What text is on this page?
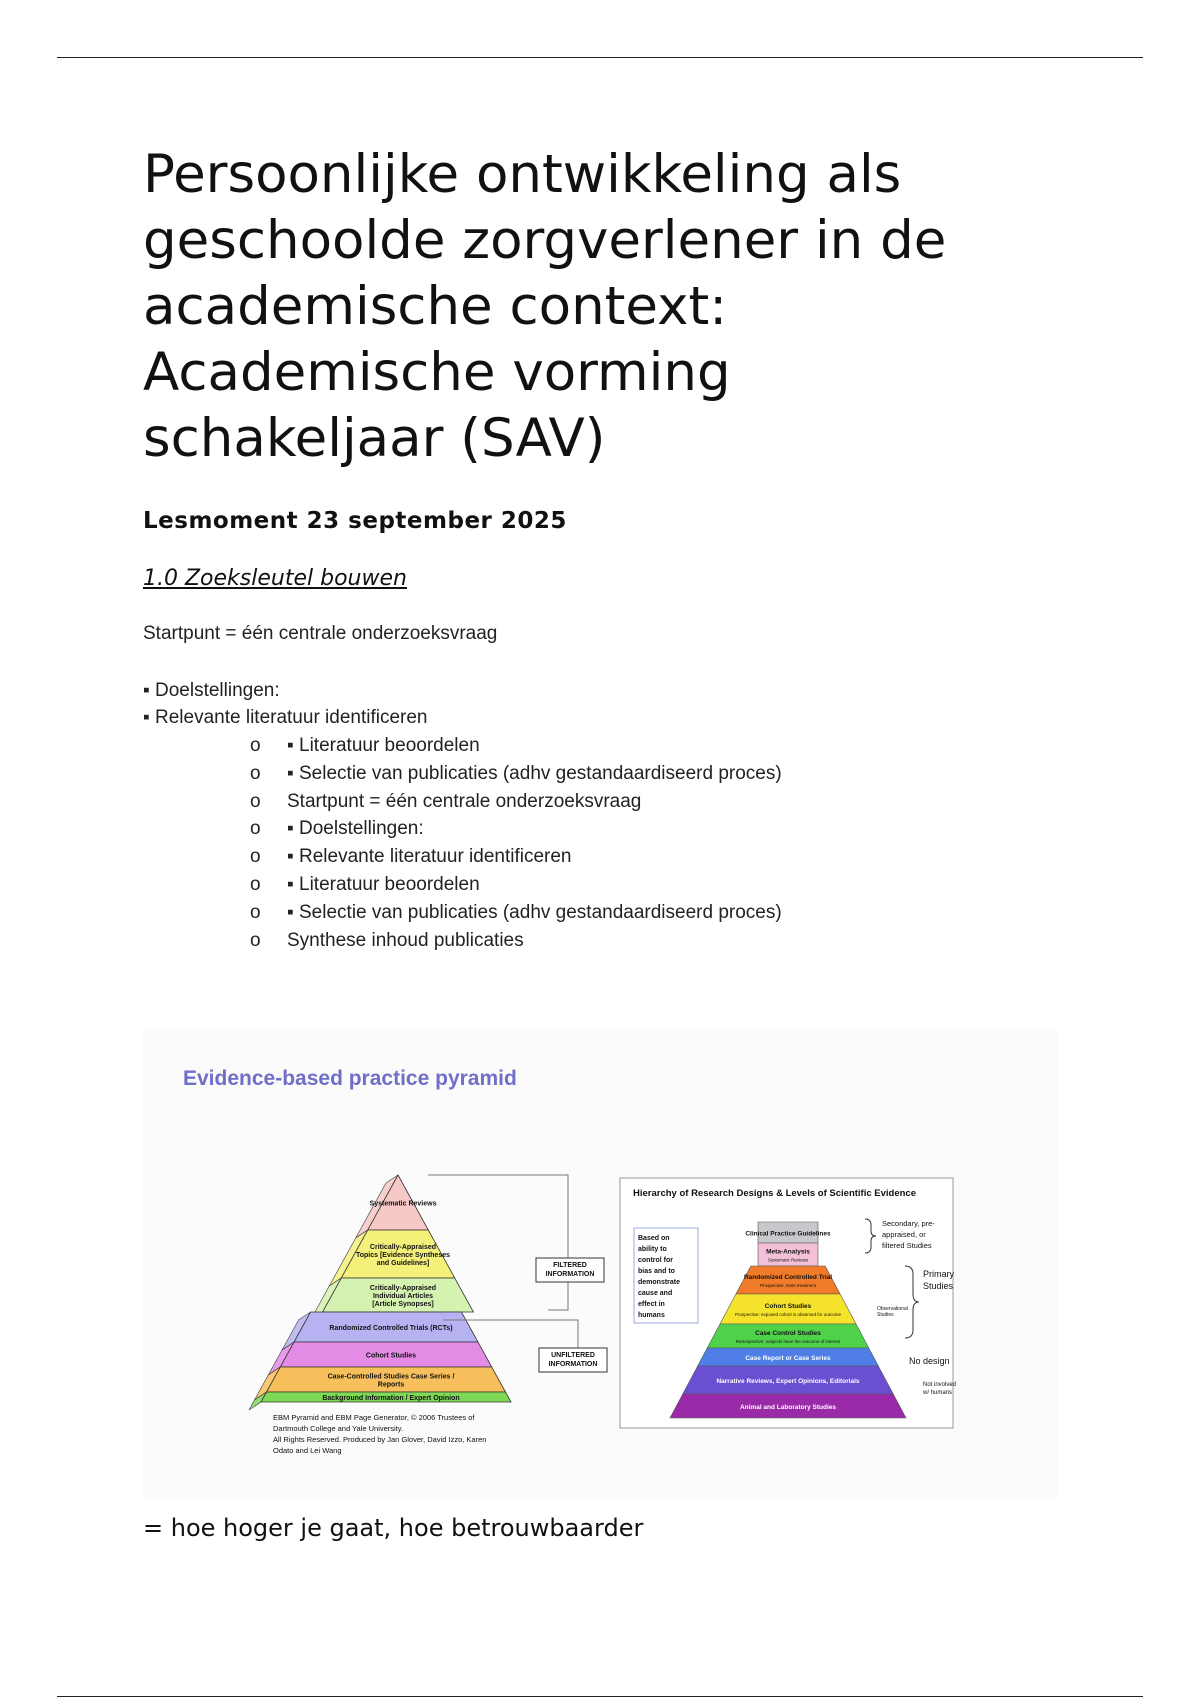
Persoonlijke ontwikkeling als
geschoolde zorgverlener in de
academische context:
Academische vorming
schakeljaar (SAV)
Lesmoment 23 september 2025
1.0 Zoeksleutel bouwen
Startpunt = één centrale onderzoeksvraag
▪ Doelstellingen:
▪ Relevante literatuur identificeren
o	▪ Literatuur beoordelen
o	▪ Selectie van publicaties (adhv gestandaardiseerd proces)
o	Startpunt = één centrale onderzoeksvraag
o	▪ Doelstellingen:
o	▪ Relevante literatuur identificeren
o	▪ Literatuur beoordelen
o	▪ Selectie van publicaties (adhv gestandaardiseerd proces)
o	Synthese inhoud publicaties
Evidence-based practice pyramid
Systematic Reviews
Critically-Appraised Topics [Evidence Syntheses and Guidelines]
Critically-Appraised Individual Articles [Article Synopses]
Randomized Controlled Trials (RCTs)
Cohort Studies
Case-Controlled Studies Case Series / Reports
Background Information / Expert Opinion
FILTERED INFORMATION
UNFILTERED INFORMATION
EBM Pyramid and EBM Page Generator, © 2006 Trustees of Dartmouth College and Yale University. All Rights Reserved. Produced by Jan Glover, David Izzo, Karen Odato and Lei Wang
Hierarchy of Research Designs & Levels of Scientific Evidence
Based on ability to control for bias and to demonstrate cause and effect in humans
Clinical Practice Guidelines
Meta-Analysis
Systematic Reviews
Randomized Controlled Trial
Prospective, tests treatment
Cohort Studies
Prospective: exposed cohort is observed for outcome
Case Control Studies
Retrospective: subjects have the outcome of interest
Case Report or Case Series
Narrative Reviews, Expert Opinions, Editorials
Animal and Laboratory Studies
Secondary, pre-appraised, or filtered Studies
Primary Studies
Observational Studies
No design
Not involved w/ humans
= hoe hoger je gaat, hoe betrouwbaarder
